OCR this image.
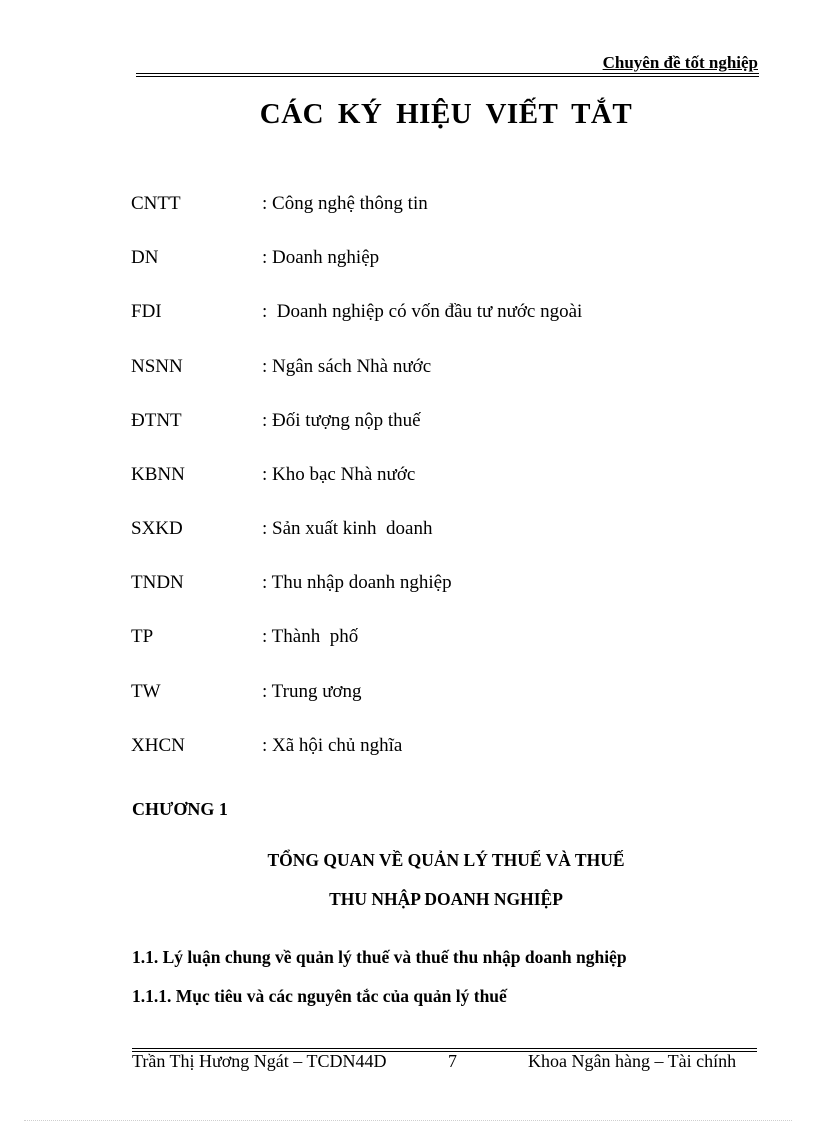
Chuyên đề tốt nghiệp
CÁC KÝ HIỆU VIẾT TẮT
CNTT	: Công nghệ thông tin
DN	: Doanh nghiệp
FDI	:  Doanh nghiệp có vốn đầu tư nước ngoài
NSNN	: Ngân sách Nhà nước
ĐTNT	: Đối tượng nộp thuế
KBNN	: Kho bạc Nhà nước
SXKD	: Sản xuất kinh  doanh
TNDN	: Thu nhập doanh nghiệp
TP	: Thành  phố
TW	: Trung ương
XHCN	: Xã hội chủ nghĩa
CHƯƠNG 1
TỔNG QUAN VỀ QUẢN LÝ THUẾ VÀ THUẾ
THU NHẬP DOANH NGHIỆP
1.1. Lý luận chung về quản lý thuế và thuế thu nhập doanh nghiệp
1.1.1. Mục tiêu và các nguyên tắc của quản lý thuế
Trần Thị Hương Ngát – TCDN44D	7	Khoa Ngân hàng – Tài chính
